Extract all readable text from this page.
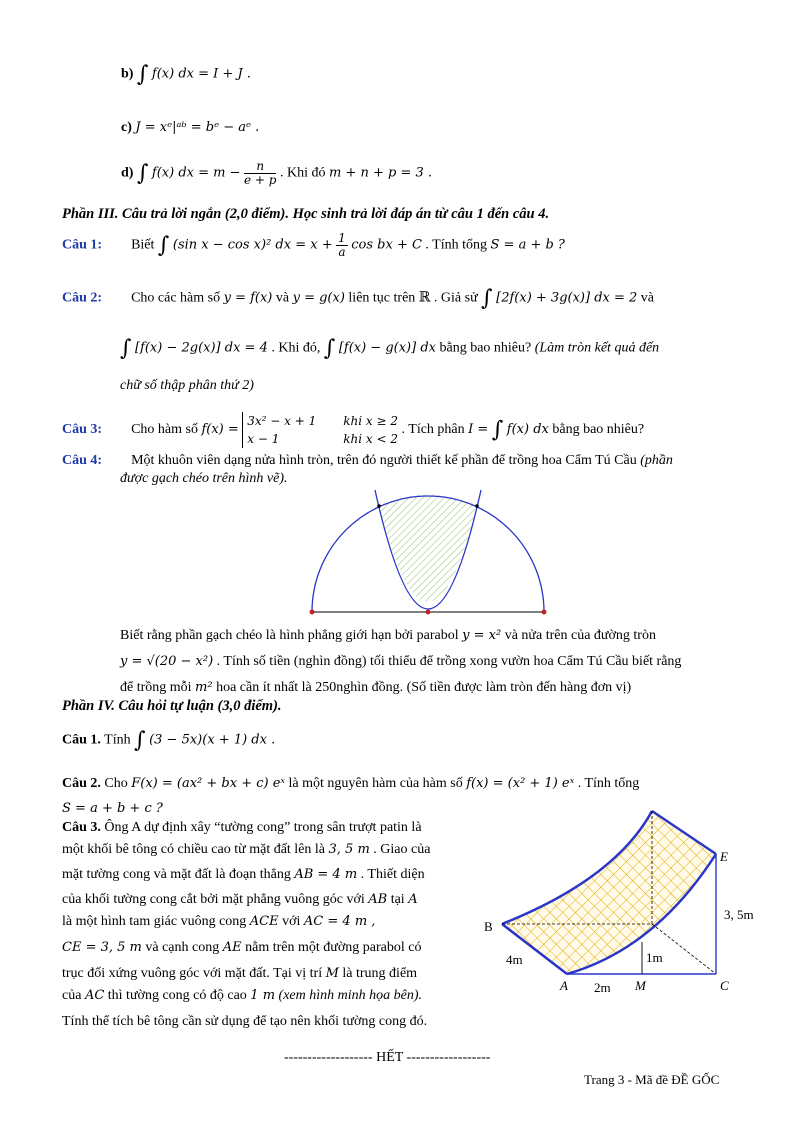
b) ∫ f(x) dx = I + J .
c) J = xᵉ|ᵃᵇ = bᵉ − aᵉ .
d) ∫ f(x) dx = $m - \frac{n}{e + p}$ . Khi đó m + n + p = 3 .
Phần III. Câu trả lời ngắn (2,0 điểm). Học sinh trả lời đáp án từ câu 1 đến câu 4.
Câu 1: Biết ∫ (sin x − cos x)² dx = $x + \frac{1}{a}$ cos bx + C . Tính tổng S = a + b ?
Câu 2: Cho các hàm số y = f(x) và y = g(x) liên tục trên ℝ . Giả sử ∫ [2f(x) + 3g(x)] dx = 2 và
∫ [f(x) − 2g(x)] dx = 4 . Khi đó, ∫ [f(x) − g(x)] dx bằng bao nhiêu? (Làm tròn kết quả đến
chữ số thập phân thứ 2)
Câu 3: Cho hàm số f(x) = 3x² − x + 1 khi x ≥ 2
x − 1	khi x < 2 . Tích phân I = ∫ f(x) dx bằng bao nhiêu?
Câu 4: Một khuôn viên dạng nửa hình tròn, trên đó người thiết kế phần để trồng hoa Cẩm Tú Cầu (phần
được gạch chéo trên hình vẽ).
Biết rằng phần gạch chéo là hình phẳng giới hạn bởi parabol y = x² và nửa trên của đường tròn
y = √(20 − x²) . Tính số tiền (nghìn đồng) tối thiểu để trồng xong vườn hoa Cẩm Tú Cầu biết rằng
để trồng mỗi m² hoa cần ít nhất là 250nghìn đồng. (Số tiền được làm tròn đến hàng đơn vị)
Phần IV. Câu hỏi tự luận (3,0 điểm).
Câu 1. Tính ∫ (3 − 5x)(x + 1) dx .
Câu 2. Cho F(x) = (ax² + bx + c) eˣ là một nguyên hàm của hàm số f(x) = (x² + 1) eˣ . Tính tổng
S = a + b + c ?
Câu 3. Ông A dự định xây “tường cong” trong sân trượt patin là
một khối bê tông có chiều cao từ mặt đất lên là 3, 5 m . Giao của
mặt tường cong và mặt đất là đoạn thẳng AB = 4 m . Thiết diện
của khối tường cong cắt bởi mặt phẳng vuông góc với AB tại A
là một hình tam giác vuông cong ACE với AC = 4 m ,
CE = 3, 5 m và cạnh cong AE nằm trên một đường parabol có
trục đối xứng vuông góc với mặt đất. Tại vị trí M là trung điểm
của AC thì tường cong có độ cao 1 m (xem hình minh họa bên).
Tính thể tích bê tông cần sử dụng để tạo nên khối tường cong đó.
B
E
A	M	C
3, 5m
4m	1m
2m
------------------- HẾT ------------------
Trang 3 - Mã đề ĐỀ GỐC
